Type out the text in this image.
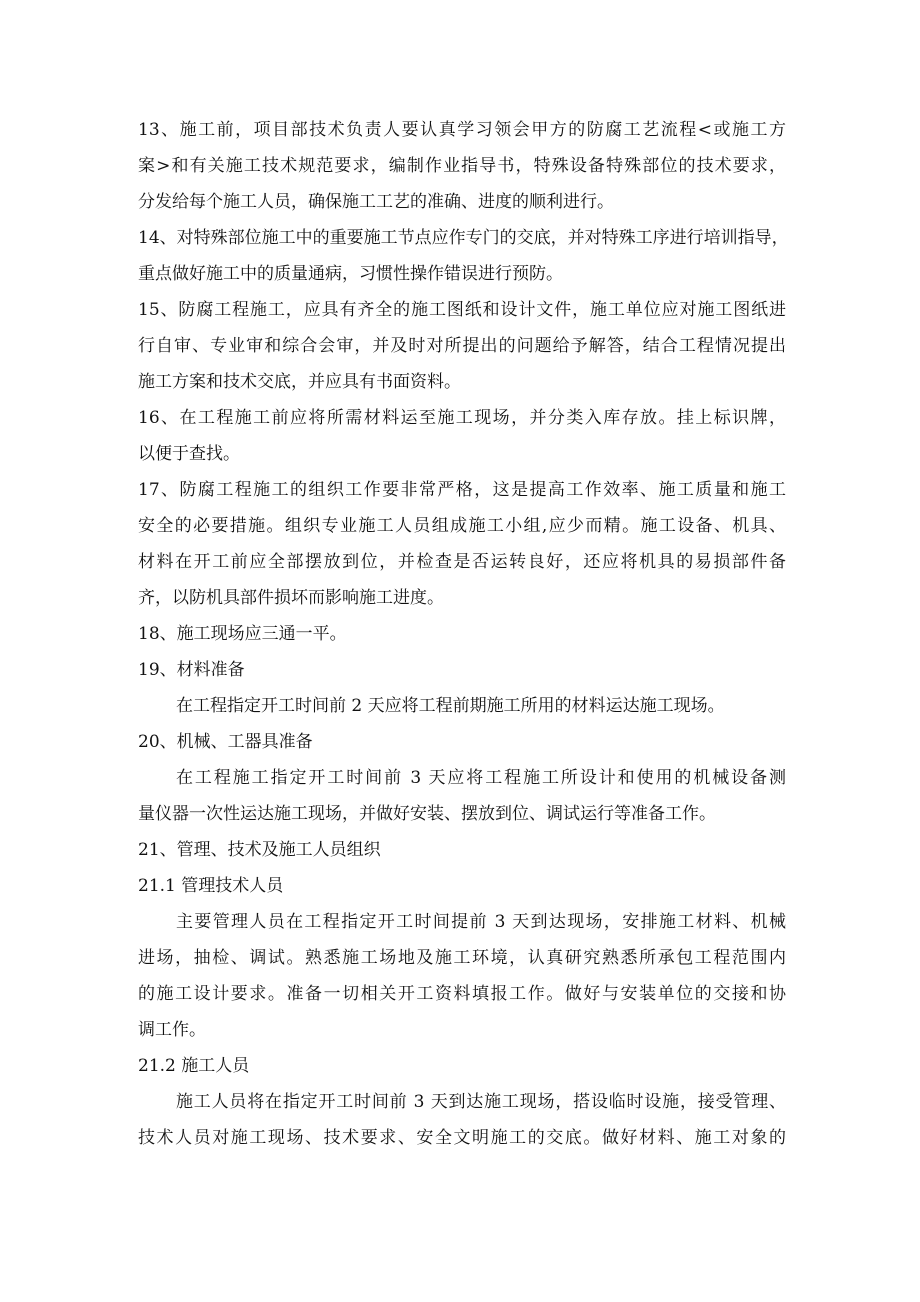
13、施工前，项目部技术负责人要认真学习领会甲方的防腐工艺流程<或施工方
案>和有关施工技术规范要求，编制作业指导书，特殊设备特殊部位的技术要求，
分发给每个施工人员，确保施工工艺的准确、进度的顺利进行。
14、对特殊部位施工中的重要施工节点应作专门的交底，并对特殊工序进行培训指导，
重点做好施工中的质量通病，习惯性操作错误进行预防。
15、防腐工程施工，应具有齐全的施工图纸和设计文件，施工单位应对施工图纸进
行自审、专业审和综合会审，并及时对所提出的问题给予解答，结合工程情况提出
施工方案和技术交底，并应具有书面资料。
16、在工程施工前应将所需材料运至施工现场，并分类入库存放。挂上标识牌，
以便于查找。
17、防腐工程施工的组织工作要非常严格，这是提高工作效率、施工质量和施工
安全的必要措施。组织专业施工人员组成施工小组,应少而精。施工设备、机具、
材料在开工前应全部摆放到位，并检查是否运转良好，还应将机具的易损部件备
齐，以防机具部件损坏而影响施工进度。
18、施工现场应三通一平。
19、材料准备
在工程指定开工时间前 2 天应将工程前期施工所用的材料运达施工现场。
20、机械、工器具准备
在工程施工指定开工时间前 3 天应将工程施工所设计和使用的机械设备测
量仪器一次性运达施工现场，并做好安装、摆放到位、调试运行等准备工作。
21、管理、技术及施工人员组织
21.1 管理技术人员
主要管理人员在工程指定开工时间提前 3 天到达现场，安排施工材料、机械
进场，抽检、调试。熟悉施工场地及施工环境，认真研究熟悉所承包工程范围内
的施工设计要求。准备一切相关开工资料填报工作。做好与安装单位的交接和协
调工作。
21.2 施工人员
施工人员将在指定开工时间前 3 天到达施工现场，搭设临时设施，接受管理、
技术人员对施工现场、技术要求、安全文明施工的交底。做好材料、施工对象的
